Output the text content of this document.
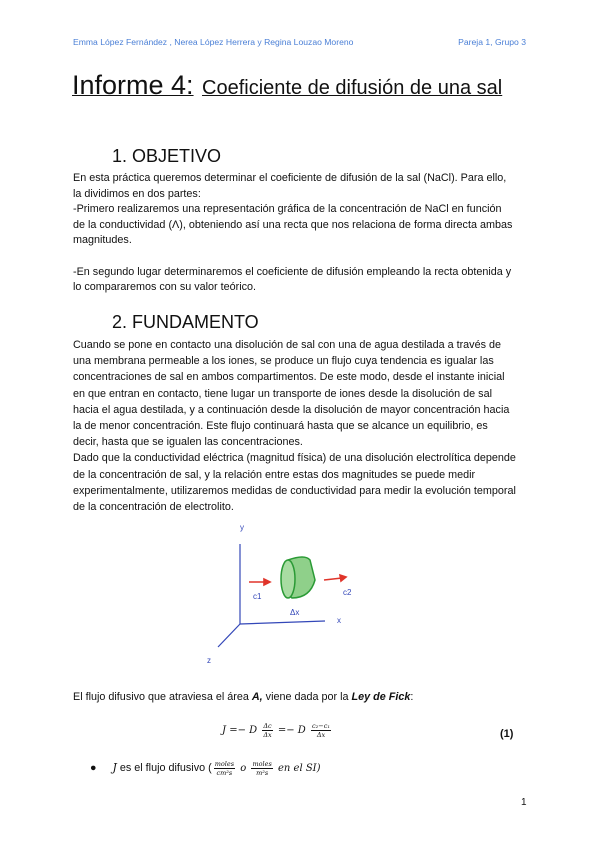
Emma López Fernández , Nerea López Herrera y Regina Louzao Moreno	Pareja 1, Grupo 3
Informe 4: Coeficiente de difusión de una sal
1. OBJETIVO
En esta práctica queremos determinar el coeficiente de difusión de la sal (NaCl). Para ello,
la dividimos en dos partes:
-Primero realizaremos una representación gráfica de la concentración de NaCl en función
de la conductividad (Λ), obteniendo así una recta que nos relaciona de forma directa ambas
magnitudes.
-En segundo lugar determinaremos el coeficiente de difusión empleando la recta obtenida y
lo compararemos con su valor teórico.
2. FUNDAMENTO
Cuando se pone en contacto una disolución de sal con una de agua destilada a través de
una membrana permeable a los iones, se produce un flujo cuya tendencia es igualar las
concentraciones de sal en ambos compartimentos. De este modo, desde el instante inicial
en que entran en contacto, tiene lugar un transporte de iones desde la disolución de sal
hacia el agua destilada, y a continuación desde la disolución de mayor concentración hacia
la de menor concentración. Este flujo continuará hasta que se alcance un equilibrio, es
decir, hasta que se igualen las concentraciones.
Dado que la conductividad eléctrica (magnitud física) de una disolución electrolítica depende
de la concentración de sal, y la relación entre estas dos magnitudes se puede medir
experimentalmente, utilizaremos medidas de conductividad para medir la evolución temporal
de la concentración de electrolito.
y
x
z
c1	c2
Δx
El flujo difusivo que atraviesa el área A, viene dada por la Ley de Fick:
J =− D $\frac{\Delta c}{\Delta x} =- D \frac{\text{c₂−c₁}}{\Delta x}$	(1)
● J es el flujo difusivo ( $\frac{\text{moles}}{\text{cm²s}}$ o $\frac{\text{moles}}{\text{m²s}}$ en el SI)
1
